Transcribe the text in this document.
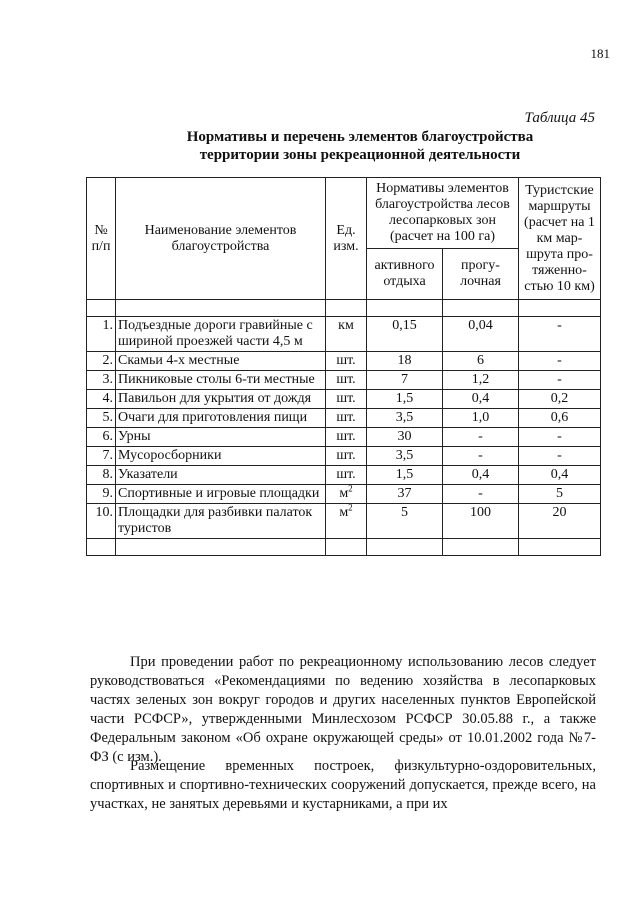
181
Таблица 45
Нормативы и перечень элементов благоустройства
территории зоны рекреационной деятельности
№ п/п	Наименование элементов благоустройства	Ед. изм.	Нормативы элементов благоустройства лесов лесопарковых зон (расчет на 100 га)		Туристские маршруты (расчет на 1 км мар-шрута про-тяженно-стью 10 км)
			активного отдыха	прогу-лочная	

1.	Подъездные дороги гравийные с шириной проезжей части 4,5 м	км	0,15	0,04	-
2.	Скамьи 4-х местные	шт.	18	6	-
3.	Пикниковые столы 6-ти местные	шт.	7	1,2	-
4.	Павильон для укрытия от дождя	шт.	1,5	0,4	0,2
5.	Очаги для приготовления пищи	шт.	3,5	1,0	0,6
6.	Урны	шт.	30	-	-
7.	Мусоросборники	шт.	3,5	-	-
8.	Указатели	шт.	1,5	0,4	0,4
9.	Спортивные и игровые площадки	$м^2$	37	-	5
10.	Площадки для разбивки палаток туристов	$м^2$	5	100	20

При проведении работ по рекреационному использованию лесов следует руководствоваться «Рекомендациями по ведению хозяйства в лесопарковых частях зеленых зон вокруг городов и других населенных пунктов Европейской части РСФСР», утвержденными Минлесхозом РСФСР 30.05.88 г., а также Федеральным законом «Об охране окружающей среды» от 10.01.2002 года №7-ФЗ (с изм.).
Размещение временных построек, физкультурно-оздоровительных, спортивных и спортивно-технических сооружений допускается, прежде всего, на участках, не занятых деревьями и кустарниками, а при их
